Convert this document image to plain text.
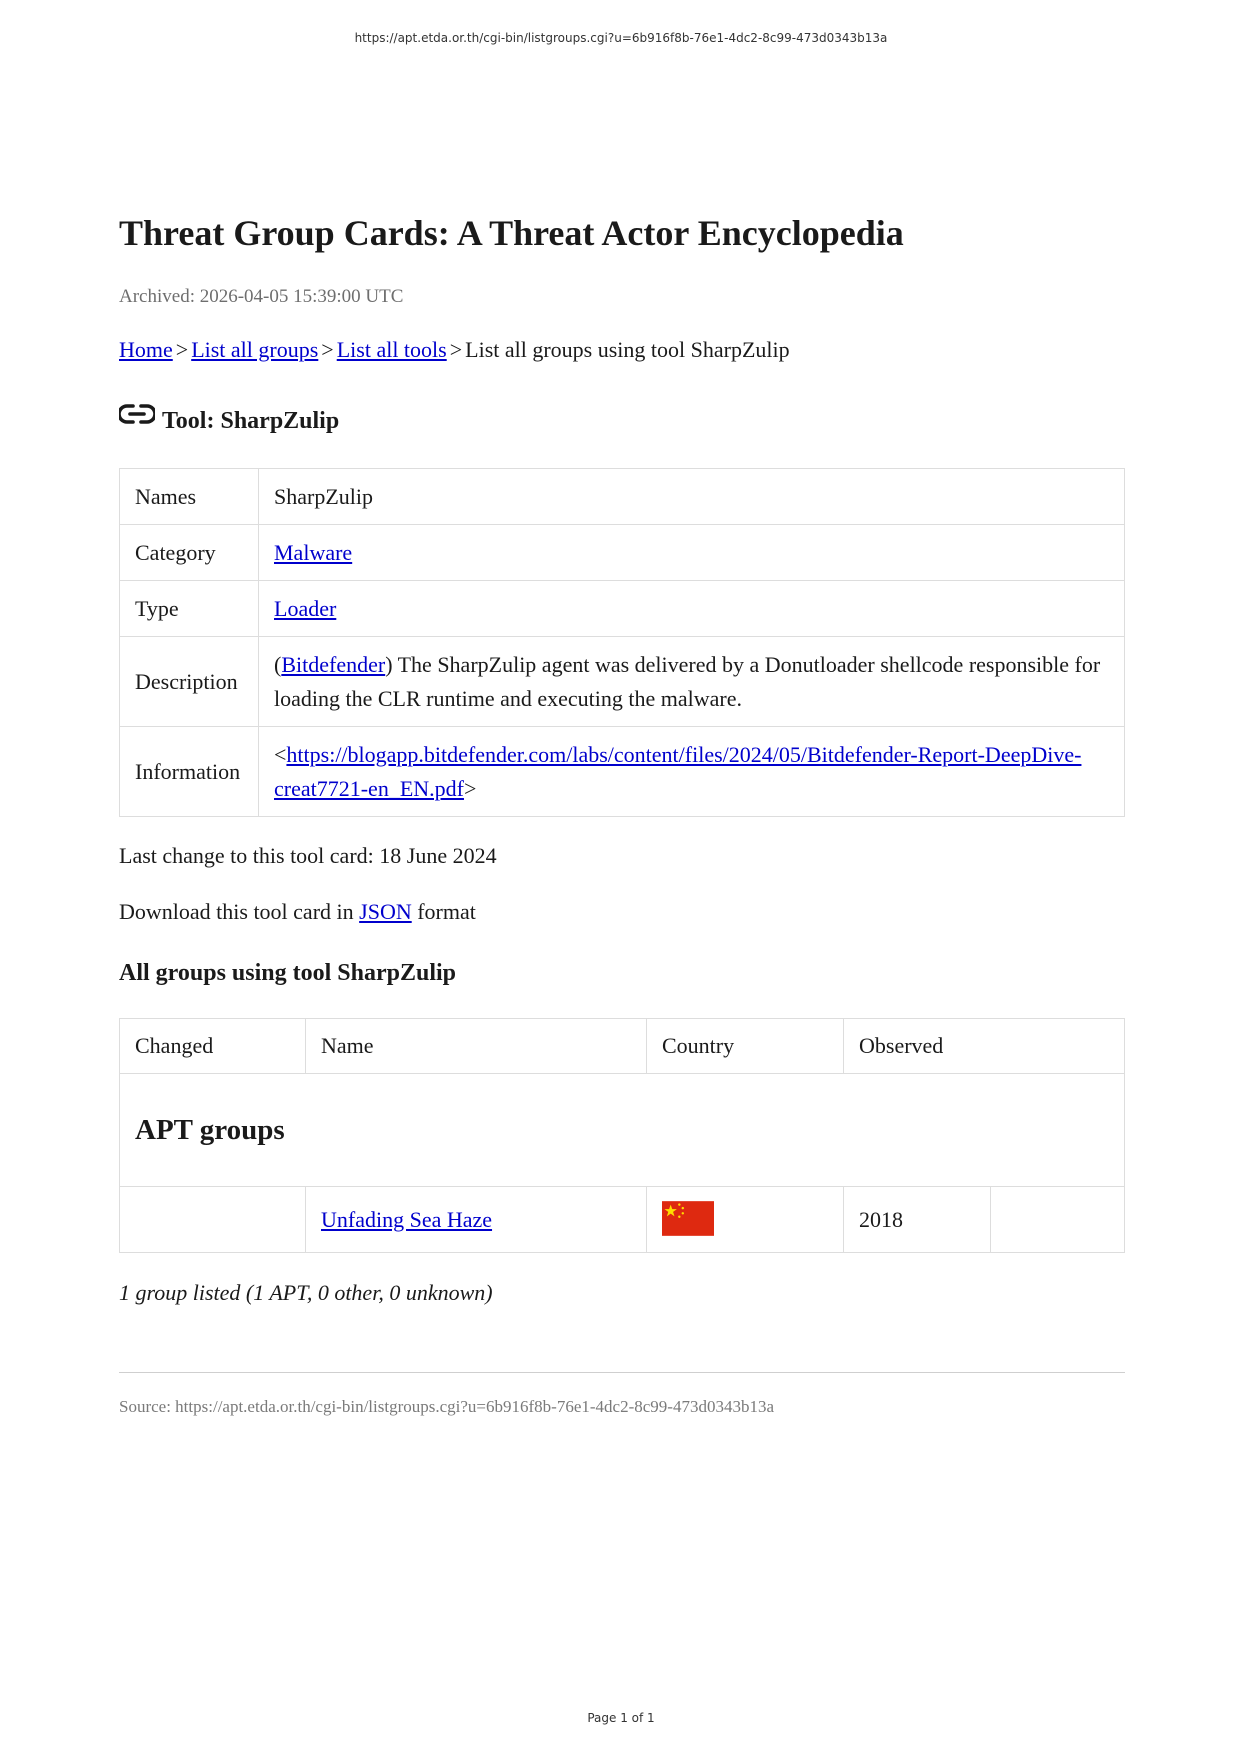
https://apt.etda.or.th/cgi-bin/listgroups.cgi?u=6b916f8b-76e1-4dc2-8c99-473d0343b13a
Threat Group Cards: A Threat Actor Encyclopedia
Archived: 2026-04-05 15:39:00 UTC
Home > List all groups > List all tools > List all groups using tool SharpZulip
Tool: SharpZulip
Names	SharpZulip
Category	Malware
Type	Loader
Description	(Bitdefender) The SharpZulip agent was delivered by a Donutloader shellcode responsible for loading the CLR runtime and executing the malware.
Information	<https://blogapp.bitdefender.com/labs/content/files/2024/05/Bitdefender-Report-DeepDive-creat7721-en_EN.pdf>
Last change to this tool card: 18 June 2024
Download this tool card in JSON format
All groups using tool SharpZulip
Changed	Name	Country	Observed	
APT groups				
	Unfading Sea Haze		2018	
1 group listed (1 APT, 0 other, 0 unknown)
Source: https://apt.etda.or.th/cgi-bin/listgroups.cgi?u=6b916f8b-76e1-4dc2-8c99-473d0343b13a
Page 1 of 1
